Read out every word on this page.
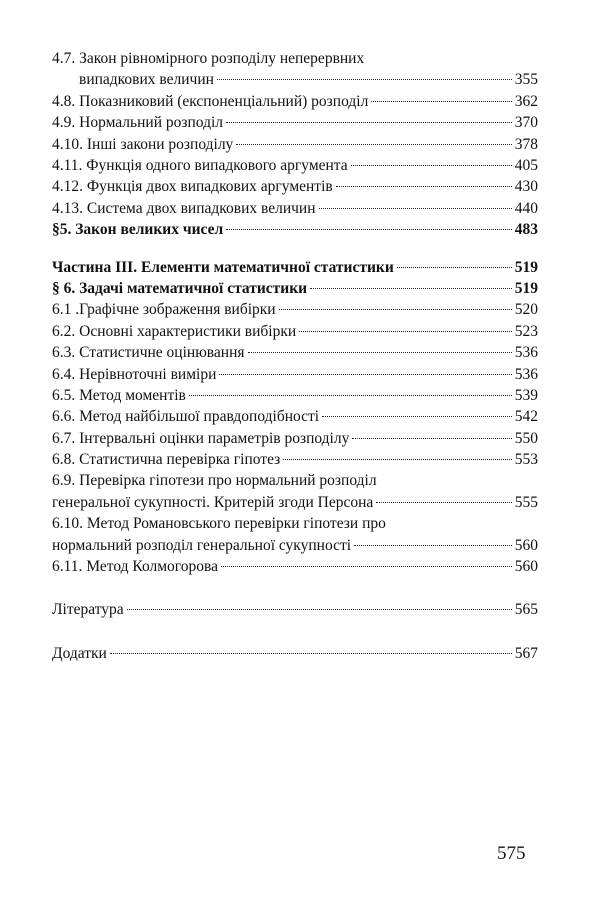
4.7. Закон рівномірного розподілу неперервних
випадкових величин	355
4.8. Показниковий (експоненціальний) розподіл	362
4.9. Нормальний розподіл	370
4.10. Інші закони розподілу	378
4.11. Функція одного випадкового аргумента	405
4.12. Функція двох випадкових аргументів	430
4.13. Система двох випадкових величин	440
§5. Закон великих чисел	483
Частина ІІІ. Елементи математичної статистики	519
§ 6. Задачі математичної статистики	519
6.1 .Графічне зображення вибірки	520
6.2. Основні характеристики вибірки	523
6.3. Статистичне оцінювання	536
6.4. Нерівноточні виміри	536
6.5. Метод моментів	539
6.6. Метод найбільшої правдоподібності	542
6.7. Інтервальні оцінки параметрів розподілу	550
6.8. Статистична перевірка гіпотез	553
6.9. Перевірка гіпотези про нормальний розподіл
генеральної сукупності. Критерій згоди Персона	555
6.10. Метод Романовського перевірки гіпотези про
нормальний розподіл генеральної сукупності	560
6.11. Метод Колмогорова	560
Література	565
Додатки	567
575
